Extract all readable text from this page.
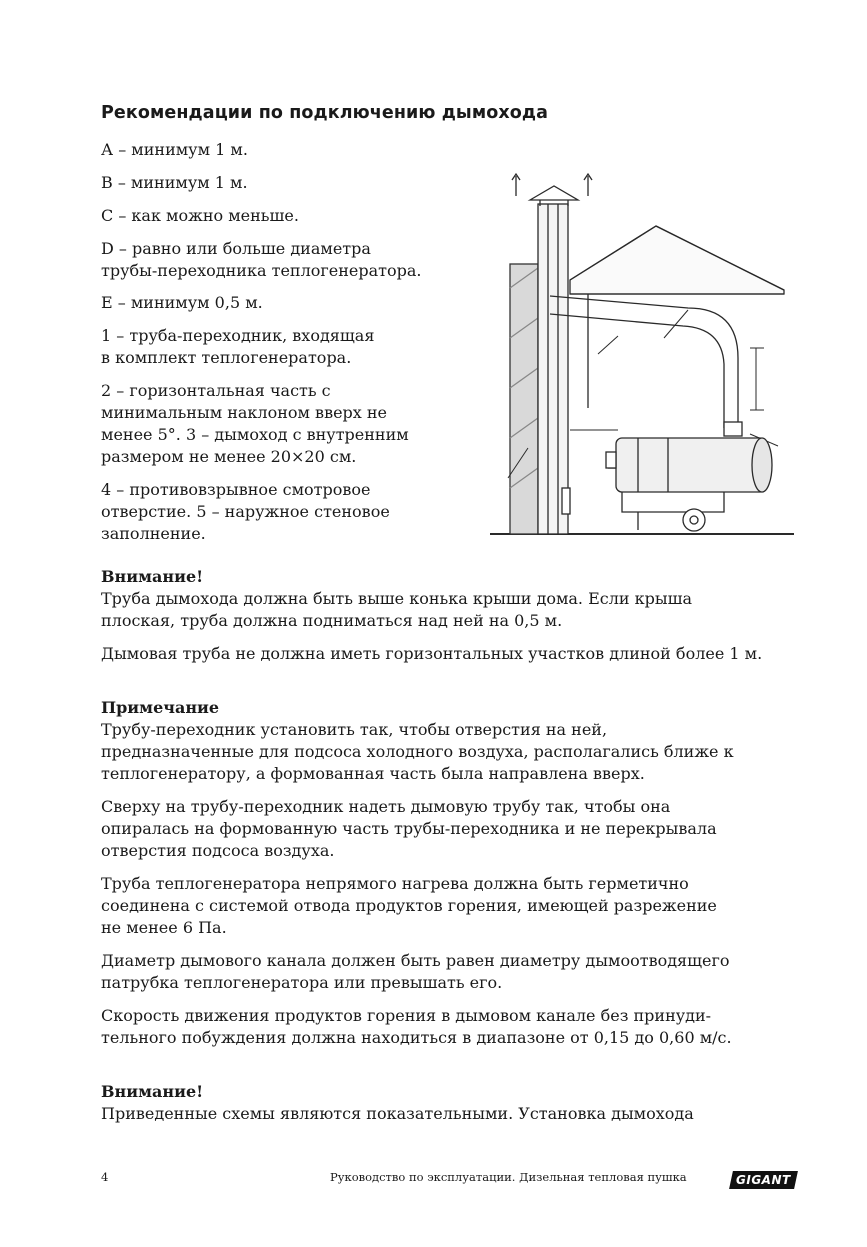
Рекомендации по подключению дымохода

А – минимум 1 м.

В – минимум 1 м.

С – как можно меньше.

D – равно или больше диаметра

трубы-переходника теплогенератора.

Е – минимум 0,5 м.

1 – труба-переходник, входящая

в комплект теплогенератора.

2 – горизонтальная часть с

минимальным наклоном вверх не

менее 5°. 3 – дымоход с внутренним

размером не менее 20×20 см.

4 – противовзрывное смотровое

отверстие. 5 – наружное стеновое

заполнение.

Внимание!

Труба дымохода должна быть выше конька крыши дома. Если крыша

плоская, труба должна подниматься над ней на 0,5 м.

Дымовая труба не должна иметь горизонтальных участков длиной более 1 м.

Примечание

Трубу-переходник установить так, чтобы отверстия на ней,

предназначенные для подсоса холодного воздуха, располагались ближе к

теплогенератору, а формованная часть была направлена вверх.

Сверху на трубу-переходник надеть дымовую трубу так, чтобы она

опиралась на формованную часть трубы-переходника и не перекрывала

отверстия подсоса воздуха.

Труба теплогенератора непрямого нагрева должна быть герметично

соединена с системой отвода продуктов горения, имеющей разрежение

не менее 6 Па.

Диаметр дымового канала должен быть равен диаметру дымоотводящего

патрубка теплогенератора или превышать его.

Скорость движения продуктов горения в дымовом канале без принуди-

тельного побуждения должна находиться в диапазоне от 0,15 до 0,60 м/с.

Внимание!

Приведенные схемы являются показательными. Установка дымохода

4	Руководство по эксплуатации. Дизельная тепловая пушка	GIGANT
